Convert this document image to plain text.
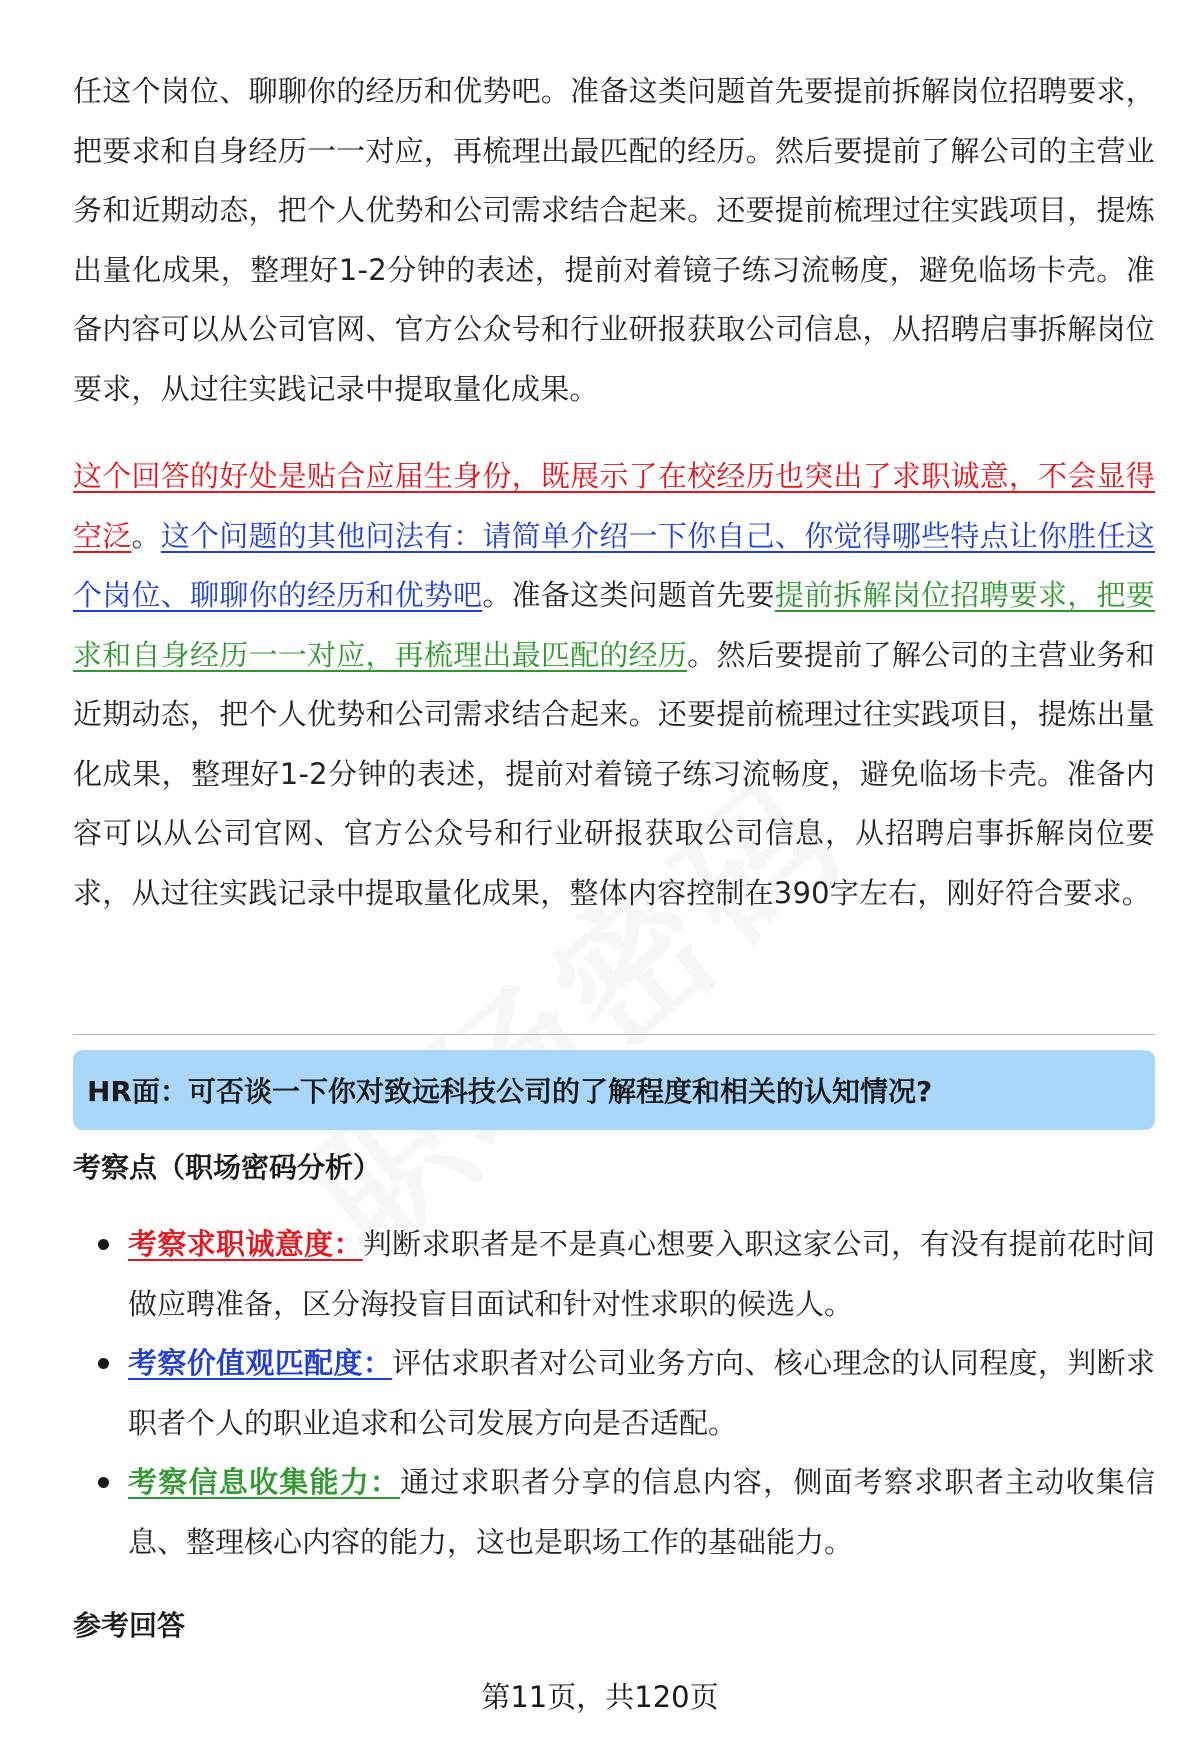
任这个岗位、聊聊你的经历和优势吧。准备这类问题首先要提前拆解岗位招聘要求，把要求和自身经历一一对应，再梳理出最匹配的经历。然后要提前了解公司的主营业务和近期动态，把个人优势和公司需求结合起来。还要提前梳理过往实践项目，提炼出量化成果，整理好1-2分钟的表述，提前对着镜子练习流畅度，避免临场卡壳。准备内容可以从公司官网、官方公众号和行业研报获取公司信息，从招聘启事拆解岗位要求，从过往实践记录中提取量化成果。

这个回答的好处是贴合应届生身份，既展示了在校经历也突出了求职诚意，不会显得空泛。这个问题的其他问法有：请简单介绍一下你自己、你觉得哪些特点让你胜任这个岗位、聊聊你的经历和优势吧。准备这类问题首先要提前拆解岗位招聘要求，把要求和自身经历一一对应，再梳理出最匹配的经历。然后要提前了解公司的主营业务和近期动态，把个人优势和公司需求结合起来。还要提前梳理过往实践项目，提炼出量化成果，整理好1-2分钟的表述，提前对着镜子练习流畅度，避免临场卡壳。准备内容可以从公司官网、官方公众号和行业研报获取公司信息，从招聘启事拆解岗位要求，从过往实践记录中提取量化成果，整体内容控制在390字左右，刚好符合要求。

HR面：可否谈一下你对致远科技公司的了解程度和相关的认知情况?
考察点（职场密码分析）
考察求职诚意度：判断求职者是不是真心想要入职这家公司，有没有提前花时间做应聘准备，区分海投盲目面试和针对性求职的候选人。
考察价值观匹配度：评估求职者对公司业务方向、核心理念的认同程度，判断求职者个人的职业追求和公司发展方向是否适配。
考察信息收集能力：通过求职者分享的信息内容，侧面考察求职者主动收集信息、整理核心内容的能力，这也是职场工作的基础能力。
参考回答
第11页，共120页
